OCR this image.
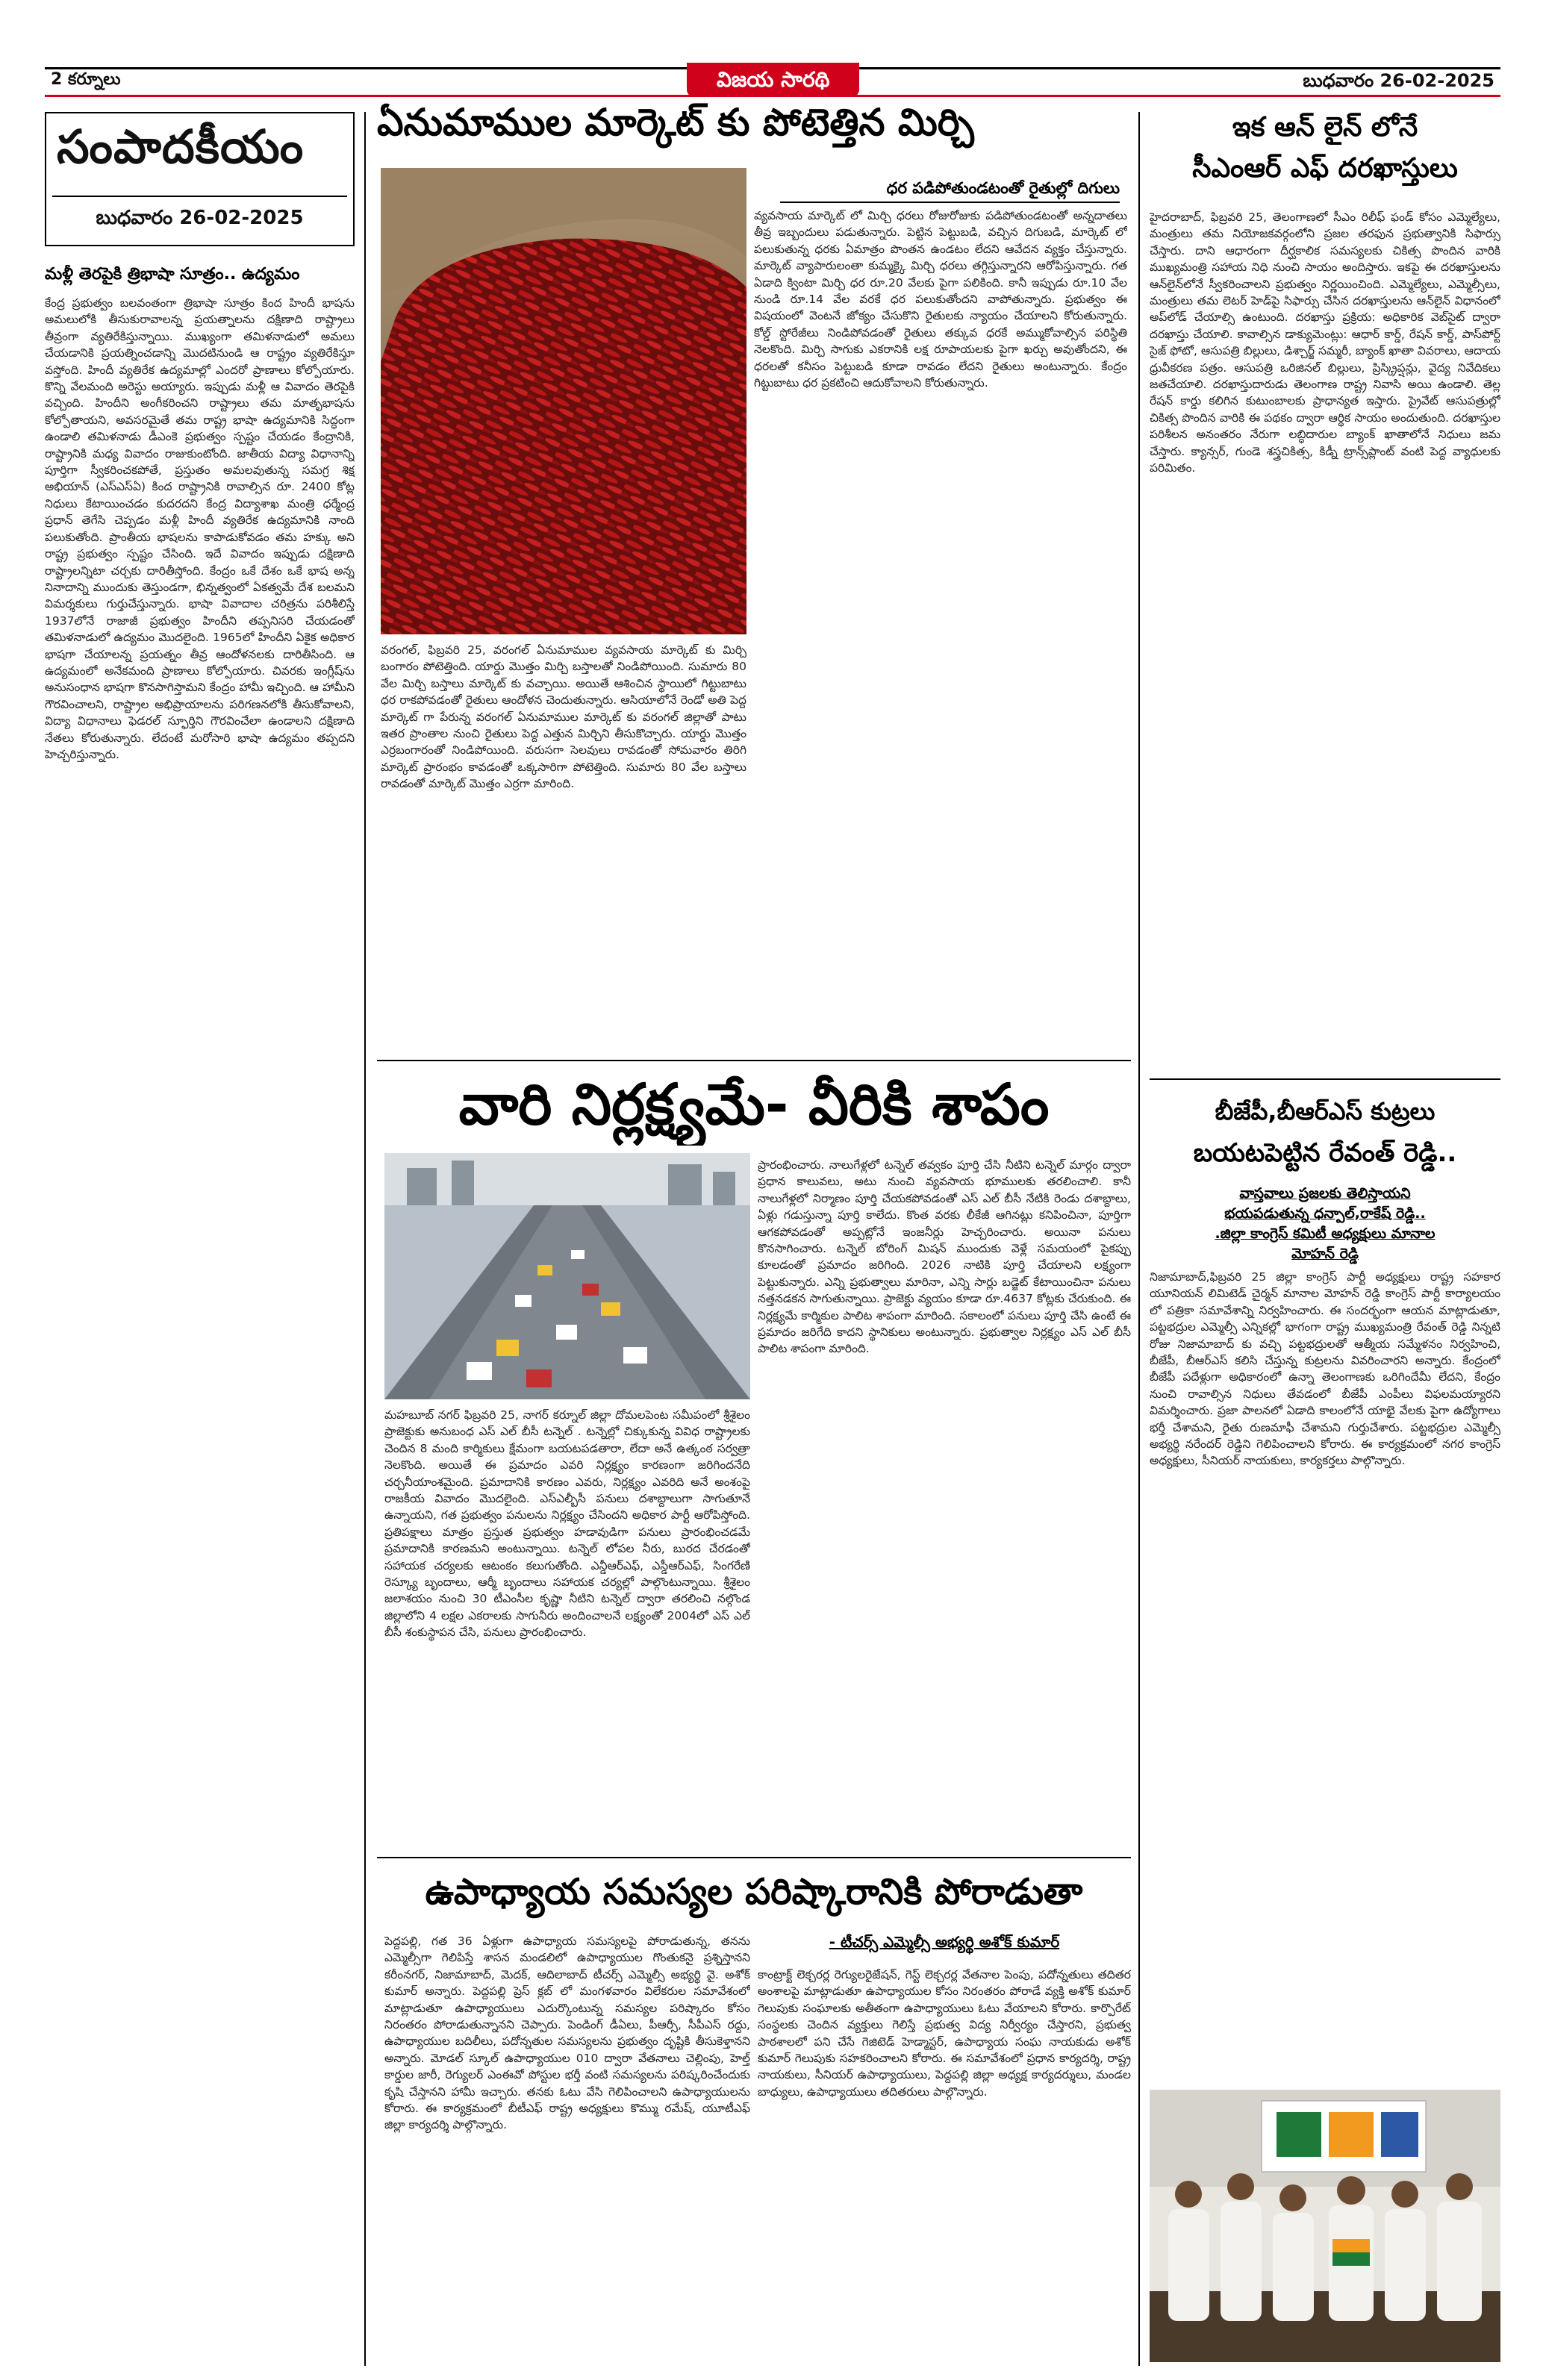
2 కర్నూలు	విజయ సారథి	బుధవారం 26-02-2025
సంపాదకీయం
బుధవారం 26-02-2025
మళ్లీ తెరపైకి త్రిభాషా సూత్రం.. ఉద్యమం
కేంద్ర ప్రభుత్వం బలవంతంగా త్రిభాషా సూత్రం కింద హిందీ భాషను అమలులోకి తీసుకురావాలన్న ప్రయత్నాలను దక్షిణాది రాష్ట్రాలు తీవ్రంగా వ్యతిరేకిస్తున్నాయి. ముఖ్యంగా తమిళనాడులో అమలు చేయడానికి ప్రయత్నించడాన్ని మొదటినుండి ఆ రాష్ట్రం వ్యతిరేకిస్తూ వస్తోంది. హిందీ వ్యతిరేక ఉద్యమాల్లో ఎందరో ప్రాణాలు కోల్పోయారు. కొన్ని వేలమంది అరెస్టు అయ్యారు. ఇప్పుడు మళ్లీ ఆ వివాదం తెరపైకి వచ్చింది. హిందీని అంగీకరించని రాష్ట్రాలు తమ మాతృభాషను కోల్పోతాయని, అవసరమైతే తమ రాష్ట్ర భాషా ఉద్యమానికి సిద్ధంగా ఉండాలి తమిళనాడు డీఎంకె ప్రభుత్వం స్పష్టం చేయడం కేంద్రానికి, రాష్ట్రానికి మధ్య వివాదం రాజుకుంటోంది. జాతీయ విద్యా విధానాన్ని పూర్తిగా స్వీకరించకపోతే, ప్రస్తుతం అమలవుతున్న సమగ్ర శిక్ష అభియాన్ (ఎస్ఎస్ఏ) కింద రాష్ట్రానికి రావాల్సిన రూ. 2400 కోట్ల నిధులు కేటాయించడం కుదరదని కేంద్ర విద్యాశాఖ మంత్రి ధర్మేంద్ర ప్రధాన్ తెగేసి చెప్పడం మళ్లీ హిందీ వ్యతిరేక ఉద్యమానికి నాంది పలుకుతోంది. ప్రాంతీయ భాషలను కాపాడుకోవడం తమ హక్కు అని రాష్ట్ర ప్రభుత్వం స్పష్టం చేసింది. ఇదే వివాదం ఇప్పుడు దక్షిణాది రాష్ట్రాలన్నిటా చర్చకు దారితీస్తోంది. కేంద్రం ఒకే దేశం ఒకే భాష అన్న నినాదాన్ని ముందుకు తెస్తుండగా, భిన్నత్వంలో ఏకత్వమే దేశ బలమని విమర్శకులు గుర్తుచేస్తున్నారు. భాషా వివాదాల చరిత్రను పరిశీలిస్తే 1937లోనే రాజాజీ ప్రభుత్వం హిందీని తప్పనిసరి చేయడంతో తమిళనాడులో ఉద్యమం మొదలైంది. 1965లో హిందీని ఏకైక అధికార భాషగా చేయాలన్న ప్రయత్నం తీవ్ర ఆందోళనలకు దారితీసింది. ఆ ఉద్యమంలో అనేకమంది ప్రాణాలు కోల్పోయారు. చివరకు ఇంగ్లీష్‌ను అనుసంధాన భాషగా కొనసాగిస్తామని కేంద్రం హామీ ఇచ్చింది. ఆ హామీని గౌరవించాలని, రాష్ట్రాల అభిప్రాయాలను పరిగణనలోకి తీసుకోవాలని, విద్యా విధానాలు ఫెడరల్ స్ఫూర్తిని గౌరవించేలా ఉండాలని దక్షిణాది నేతలు కోరుతున్నారు. లేదంటే మరోసారి భాషా ఉద్యమం తప్పదని హెచ్చరిస్తున్నారు.
ఏనుమాముల మార్కెట్ కు పోటెత్తిన మిర్చి
ధర పడిపోతుండటంతో రైతుల్లో దిగులు
వ్యవసాయ మార్కెట్ లో మిర్చి ధరలు రోజురోజుకు పడిపోతుండటంతో అన్నదాతలు తీవ్ర ఇబ్బందులు పడుతున్నారు. పెట్టిన పెట్టుబడి, వచ్చిన దిగుబడి, మార్కెట్ లో పలుకుతున్న ధరకు ఏమాత్రం పొంతన ఉండటం లేదని ఆవేదన వ్యక్తం చేస్తున్నారు. మార్కెట్ వ్యాపారులంతా కుమ్మక్కై మిర్చి ధరలు తగ్గిస్తున్నారని ఆరోపిస్తున్నారు. గత ఏడాది క్వింటా మిర్చి ధర రూ.20 వేలకు పైగా పలికింది. కానీ ఇప్పుడు రూ.10 వేల నుండి రూ.14 వేల వరకే ధర పలుకుతోందని వాపోతున్నారు. ప్రభుత్వం ఈ విషయంలో వెంటనే జోక్యం చేసుకొని రైతులకు న్యాయం చేయాలని కోరుతున్నారు. కోల్డ్ స్టోరేజీలు నిండిపోవడంతో రైతులు తక్కువ ధరకే అమ్ముకోవాల్సిన పరిస్థితి నెలకొంది. మిర్చి సాగుకు ఎకరానికి లక్ష రూపాయలకు పైగా ఖర్చు అవుతోందని, ఈ ధరలతో కనీసం పెట్టుబడి కూడా రావడం లేదని రైతులు అంటున్నారు. కేంద్రం గిట్టుబాటు ధర ప్రకటించి ఆదుకోవాలని కోరుతున్నారు.
వరంగల్, ఫిబ్రవరి 25, వరంగల్ ఏనుమాముల వ్యవసాయ మార్కెట్ కు మిర్చి బంగారం పోటెత్తింది. యార్డు మొత్తం మిర్చి బస్తాలతో నిండిపోయింది. సుమారు 80 వేల మిర్చి బస్తాలు మార్కెట్ కు వచ్చాయి. అయితే ఆశించిన స్థాయిలో గిట్టుబాటు ధర రాకపోవడంతో రైతులు ఆందోళన చెందుతున్నారు. ఆసియాలోనే రెండో అతి పెద్ద మార్కెట్ గా పేరున్న వరంగల్ ఏనుమాముల మార్కెట్ కు వరంగల్ జిల్లాతో పాటు ఇతర ప్రాంతాల నుంచి రైతులు పెద్ద ఎత్తున మిర్చిని తీసుకొచ్చారు. యార్డు మొత్తం ఎర్రబంగారంతో నిండిపోయింది. వరుసగా సెలవులు రావడంతో సోమవారం తిరిగి మార్కెట్ ప్రారంభం కావడంతో ఒక్కసారిగా పోటెత్తింది. సుమారు 80 వేల బస్తాలు రావడంతో మార్కెట్ మొత్తం ఎర్రగా మారింది.
ఇక ఆన్ లైన్ లోనే
సీఎంఆర్ ఎఫ్ దరఖాస్తులు
హైదరాబాద్, ఫిబ్రవరి 25, తెలంగాణలో సీఎం రిలీఫ్ ఫండ్ కోసం ఎమ్మెల్యేలు, మంత్రులు తమ నియోజకవర్గంలోని ప్రజల తరఫున ప్రభుత్వానికి సిఫార్సు చేస్తారు. దాని ఆధారంగా దీర్ఘకాలిక సమస్యలకు చికిత్స పొందిన వారికి ముఖ్యమంత్రి సహాయ నిధి నుంచి సాయం అందిస్తారు. ఇకపై ఈ దరఖాస్తులను ఆన్‌లైన్‌లోనే స్వీకరించాలని ప్రభుత్వం నిర్ణయించింది. ఎమ్మెల్యేలు, ఎమ్మెల్సీలు, మంత్రులు తమ లెటర్ హెడ్‌పై సిఫార్సు చేసిన దరఖాస్తులను ఆన్‌లైన్ విధానంలో అప్‌లోడ్ చేయాల్సి ఉంటుంది. దరఖాస్తు ప్రక్రియ: అధికారిక వెబ్‌సైట్ ద్వారా దరఖాస్తు చేయాలి. కావాల్సిన డాక్యుమెంట్లు: ఆధార్ కార్డ్, రేషన్ కార్డ్, పాస్‌పోర్ట్ సైజ్ ఫోటో, ఆసుపత్రి బిల్లులు, డిశ్చార్జ్ సమ్మరీ, బ్యాంక్ ఖాతా వివరాలు, ఆదాయ ధ్రువీకరణ పత్రం. ఆసుపత్రి ఒరిజినల్ బిల్లులు, ప్రిస్క్రిప్షన్లు, వైద్య నివేదికలు జతచేయాలి. దరఖాస్తుదారుడు తెలంగాణ రాష్ట్ర నివాసి అయి ఉండాలి. తెల్ల రేషన్ కార్డు కలిగిన కుటుంబాలకు ప్రాధాన్యత ఇస్తారు. ప్రైవేట్ ఆసుపత్రుల్లో చికిత్స పొందిన వారికి ఈ పథకం ద్వారా ఆర్థిక సాయం అందుతుంది. దరఖాస్తుల పరిశీలన అనంతరం నేరుగా లబ్ధిదారుల బ్యాంక్ ఖాతాలోనే నిధులు జమ చేస్తారు. క్యాన్సర్, గుండె శస్త్రచికిత్స, కిడ్నీ ట్రాన్స్‌ప్లాంట్ వంటి పెద్ద వ్యాధులకు పరిమితం.
బీజేపీ,బీఆర్ఎస్ కుట్రలు
బయటపెట్టిన రేవంత్ రెడ్డి..
వాస్తవాలు ప్రజలకు తెలిస్తాయని
భయపడుతున్న ధన్పాల్,రాకేష్ రెడ్డి..
.జిల్లా కాంగ్రెస్ కమిటీ అధ్యక్షులు మానాల
మోహన్ రెడ్డి
నిజామాబాద్,ఫిబ్రవరి 25 జిల్లా కాంగ్రెస్ పార్టీ అధ్యక్షులు రాష్ట్ర సహకార యూనియన్ లిమిటెడ్ చైర్మన్ మానాల మోహన్ రెడ్డి కాంగ్రెస్ పార్టీ కార్యాలయం లో పత్రికా సమావేశాన్ని నిర్వహించారు. ఈ సందర్భంగా ఆయన మాట్లాడుతూ, పట్టభద్రుల ఎమ్మెల్సీ ఎన్నికల్లో భాగంగా రాష్ట్ర ముఖ్యమంత్రి రేవంత్ రెడ్డి నిన్నటి రోజు నిజామాబాద్ కు వచ్చి పట్టభద్రులతో ఆత్మీయ సమ్మేళనం నిర్వహించి, బీజేపీ, బీఆర్ఎస్ కలిసి చేస్తున్న కుట్రలను వివరించారని అన్నారు. కేంద్రంలో బీజేపీ పదేళ్లుగా అధికారంలో ఉన్నా తెలంగాణకు ఒరిగిందేమీ లేదని, కేంద్రం నుంచి రావాల్సిన నిధులు తేవడంలో బీజేపీ ఎంపీలు విఫలమయ్యారని విమర్శించారు. ప్రజా పాలనలో ఏడాది కాలంలోనే యాభై వేలకు పైగా ఉద్యోగాలు భర్తీ చేశామని, రైతు రుణమాఫీ చేశామని గుర్తుచేశారు. పట్టభద్రుల ఎమ్మెల్సీ అభ్యర్థి నరేందర్ రెడ్డిని గెలిపించాలని కోరారు. ఈ కార్యక్రమంలో నగర కాంగ్రెస్ అధ్యక్షులు, సీనియర్ నాయకులు, కార్యకర్తలు పాల్గొన్నారు.
వారి నిర్లక్ష్యమే- వీరికి శాపం
మహబూబ్ నగర్ ఫిబ్రవరి 25, నాగర్ కర్నూల్ జిల్లా దోమలపెంట సమీపంలో శ్రీశైలం ప్రాజెక్టుకు అనుబంధ ఎస్ ఎల్ బీసీ టన్నెల్ . టన్నెల్లో చిక్కుకున్న వివిధ రాష్ట్రాలకు చెందిన 8 మంది కార్మికులు క్షేమంగా బయటపడతారా, లేదా అనే ఉత్కంఠ సర్వత్రా నెలకొంది. అయితే ఈ ప్రమాదం ఎవరి నిర్లక్ష్యం కారణంగా జరిగిందనేది చర్చనీయాంశమైంది. ప్రమాదానికి కారణం ఎవరు, నిర్లక్ష్యం ఎవరిది అనే అంశంపై రాజకీయ వివాదం మొదలైంది. ఎస్ఎల్బీసీ పనులు దశాబ్దాలుగా సాగుతూనే ఉన్నాయని, గత ప్రభుత్వం పనులను నిర్లక్ష్యం చేసిందని అధికార పార్టీ ఆరోపిస్తోంది. ప్రతిపక్షాలు మాత్రం ప్రస్తుత ప్రభుత్వం హడావుడిగా పనులు ప్రారంభించడమే ప్రమాదానికి కారణమని అంటున్నాయి. టన్నెల్ లోపల నీరు, బురద చేరడంతో సహాయక చర్యలకు ఆటంకం కలుగుతోంది. ఎన్డీఆర్ఎఫ్, ఎస్డీఆర్ఎఫ్, సింగరేణి రెస్క్యూ బృందాలు, ఆర్మీ బృందాలు సహాయక చర్యల్లో పాల్గొంటున్నాయి. శ్రీశైలం జలాశయం నుంచి 30 టీఎంసీల కృష్ణా నీటిని టన్నెల్ ద్వారా తరలించి నల్గొండ జిల్లాలోని 4 లక్షల ఎకరాలకు సాగునీరు అందించాలనే లక్ష్యంతో 2004లో ఎస్ ఎల్ బీసీ శంకుస్థాపన చేసి, పనులు ప్రారంభించారు.
ప్రారంభించారు. నాలుగేళ్లలో టన్నెల్ తవ్వకం పూర్తి చేసి నీటిని టన్నెల్ మార్గం ద్వారా ప్రధాన కాలువలు, అటు నుంచి వ్యవసాయ భూములకు తరలించాలి. కానీ నాలుగేళ్లలో నిర్మాణం పూర్తి చేయకపోవడంతో ఎస్ ఎల్ బీసీ నేటికి రెండు దశాబ్దాలు, ఏళ్లు గడుస్తున్నా పూర్తి కాలేదు. కొంత వరకు లీకేజీ ఆగినట్లు కనిపించినా, పూర్తిగా ఆగకపోవడంతో అప్పట్లోనే ఇంజనీర్లు హెచ్చరించారు. అయినా పనులు కొనసాగించారు. టన్నెల్ బోరింగ్ మిషన్ ముందుకు వెళ్లే సమయంలో పైకప్పు కూలడంతో ప్రమాదం జరిగింది. 2026 నాటికి పూర్తి చేయాలని లక్ష్యంగా పెట్టుకున్నారు. ఎన్ని ప్రభుత్వాలు మారినా, ఎన్ని సార్లు బడ్జెట్ కేటాయించినా పనులు నత్తనడకన సాగుతున్నాయి. ప్రాజెక్టు వ్యయం కూడా రూ.4637 కోట్లకు చేరుకుంది. ఈ నిర్లక్ష్యమే కార్మికుల పాలిట శాపంగా మారింది. సకాలంలో పనులు పూర్తి చేసి ఉంటే ఈ ప్రమాదం జరిగేది కాదని స్థానికులు అంటున్నారు. ప్రభుత్వాల నిర్లక్ష్యం ఎస్ ఎల్ బీసీ పాలిట శాపంగా మారింది.
ఉపాధ్యాయ సమస్యల పరిష్కారానికి పోరాడుతా
- టీచర్స్ ఎమ్మెల్సీ అభ్యర్థి అశోక్ కుమార్
పెద్దపల్లి, గత 36 ఏళ్లుగా ఉపాధ్యాయ సమస్యలపై పోరాడుతున్న, తనను ఎమ్మెల్సీగా గెలిపిస్తే శాసన మండలిలో ఉపాధ్యాయుల గొంతుకనై ప్రశ్నిస్తానని కరీంనగర్, నిజామాబాద్, మెదక్, ఆదిలాబాద్ టీచర్స్ ఎమ్మెల్సీ అభ్యర్థి వై. అశోక్ కుమార్ అన్నారు. పెద్దపల్లి ప్రెస్ క్లబ్ లో మంగళవారం విలేకరుల సమావేశంలో మాట్లాడుతూ ఉపాధ్యాయులు ఎదుర్కొంటున్న సమస్యల పరిష్కారం కోసం నిరంతరం పోరాడుతున్నానని చెప్పారు. పెండింగ్ డీఏలు, పీఆర్సీ, సీపీఎస్ రద్దు, ఉపాధ్యాయుల బదిలీలు, పదోన్నతుల సమస్యలను ప్రభుత్వం దృష్టికి తీసుకెళ్తానని అన్నారు. మోడల్ స్కూల్ ఉపాధ్యాయుల 010 ద్వారా వేతనాలు చెల్లింపు, హెల్త్ కార్డుల జారీ, రెగ్యులర్ ఎంఈవో పోస్టుల భర్తీ వంటి సమస్యలను పరిష్కరించేందుకు కృషి చేస్తానని హామీ ఇచ్చారు. తనకు ఓటు వేసి గెలిపించాలని ఉపాధ్యాయులను కోరారు. ఈ కార్యక్రమంలో బీటీఎఫ్ రాష్ట్ర అధ్యక్షులు కొమ్ము రమేష్, యూటీఎఫ్ జిల్లా కార్యదర్శి పాల్గొన్నారు.
కాంట్రాక్ట్ లెక్చరర్ల రెగ్యులరైజేషన్, గెస్ట్ లెక్చరర్ల వేతనాల పెంపు, పదోన్నతులు తదితర అంశాలపై మాట్లాడుతూ ఉపాధ్యాయుల కోసం నిరంతరం పోరాడే వ్యక్తి అశోక్ కుమార్ గెలుపుకు సంఘాలకు అతీతంగా ఉపాధ్యాయులు ఓటు వేయాలని కోరారు. కార్పొరేట్ సంస్థలకు చెందిన వ్యక్తులు గెలిస్తే ప్రభుత్వ విద్య నిర్వీర్యం చేస్తారని, ప్రభుత్వ పాఠశాలలో పని చేసే గెజిటెడ్ హెడ్మాస్టర్, ఉపాధ్యాయ సంఘ నాయకుడు అశోక్ కుమార్ గెలుపుకు సహకరించాలని కోరారు. ఈ సమావేశంలో ప్రధాన కార్యదర్శి, రాష్ట్ర నాయకులు, సీనియర్ ఉపాధ్యాయులు, పెద్దపల్లి జిల్లా అధ్యక్ష కార్యదర్శులు, మండల బాధ్యులు, ఉపాధ్యాయులు తదితరులు పాల్గొన్నారు.
